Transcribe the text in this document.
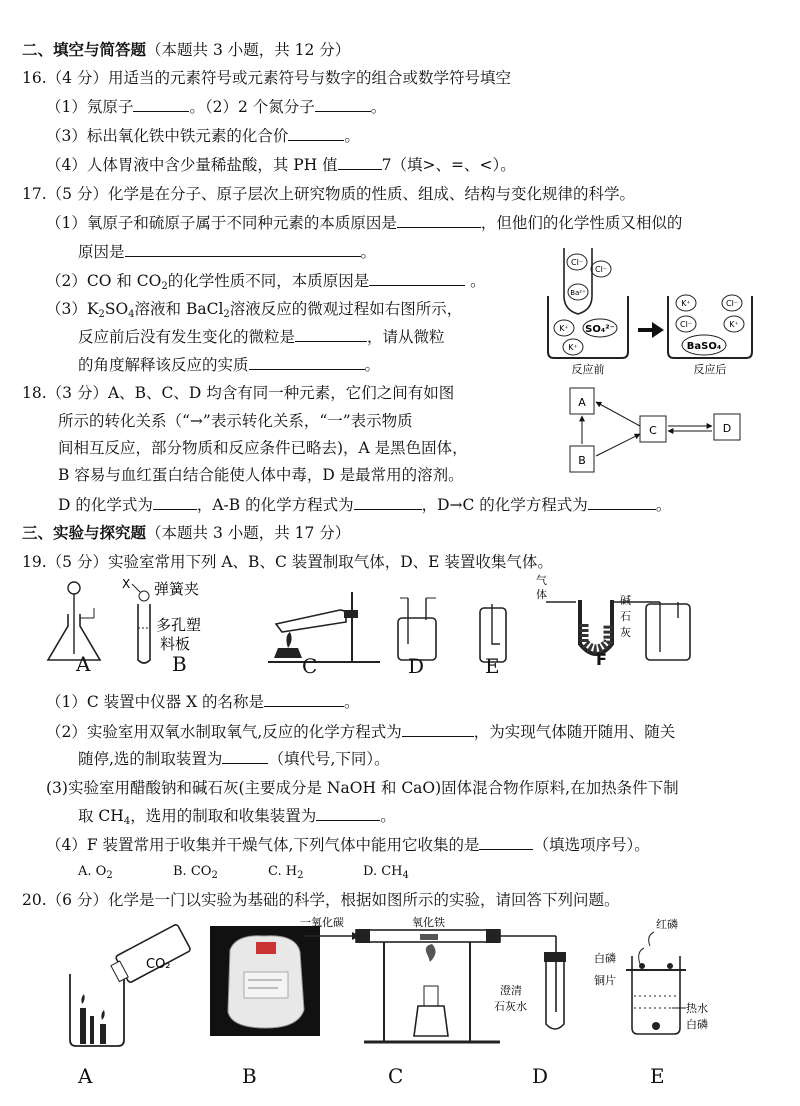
二、填空与简答题（本题共 3 小题，共 12 分）
16.（4 分）用适当的元素符号或元素符号与数字的组合或数学符号填空
（1）氖原子	。（2）2 个氮分子	。
（3）标出氧化铁中铁元素的化合价	。
（4）人体胃液中含少量稀盐酸，其 PH 值	7（填>、=、<）。
17.（5 分）化学是在分子、原子层次上研究物质的性质、组成、结构与变化规律的科学。
（1）氧原子和硫原子属于不同种元素的本质原因是	，但他们的化学性质又相似的
原因是	。
（2）CO 和 $CO_2$的化学性质不同，本质原因是	。
$(3)K_2SO_4$溶液和 BaCl$_2$溶液反应的微观过程如右图所示，
反应前后没有发生变化的微粒是	，请从微粒
的角度解释该反应的实质	。
Cl⁻
Cl⁻
Ba²⁺
K⁺ SO₄²⁻
K⁺
反应前
K⁺	Cl⁻
Cl⁻	K⁺
BaSO₄
反应后
18.（3 分）A、B、C、D 均含有同一种元素，它们之间有如图
所示的转化关系（“→”表示转化关系，“一”表示物质
间相互反应，部分物质和反应条件已略去)，A 是黑色固体，
B 容易与血红蛋白结合能使人体中毒，D 是最常用的溶剂。
D 的化学式为	，A-B 的化学方程式为	，D→C 的化学方程式为	。
A
B
C	D
三、实验与探究题（本题共 3 小题，共 17 分）
19.（5 分）实验室常用下列 A、B、C 装置制取气体，D、E 装置收集气体。
X 弹簧夹
多孔塑
料板
气
体	碱
石
灰
A	B	C	D	E	F
（1）C 装置中仪器 X 的名称是	。
（2）实验室用双氧水制取氧气,反应的化学方程式为	，为实现气体随开随用、随关
随停,选的制取装置为	（填代号,下同）。
(3)实验室用醋酸钠和碱石灰(主要成分是 NaOH 和 CaO)固体混合物作原料,在加热条件下制
取 $CH_4$，选用的制取和收集装置为	。
（4）F 装置常用于收集并干燥气体,下列气体中能用它收集的是	（填选项序号）。
A. $O_2$	B. $CO_2$	C. $H_2$	D. $CH_4$
20.（6 分）化学是一门以实验为基础的科学，根据如图所示的实验，请回答下列问题。
CO₂
一氧化碳	氧化铁
澄清
石灰水
红磷
白磷
铜片
热水
白磷
A	B	C	D	E
